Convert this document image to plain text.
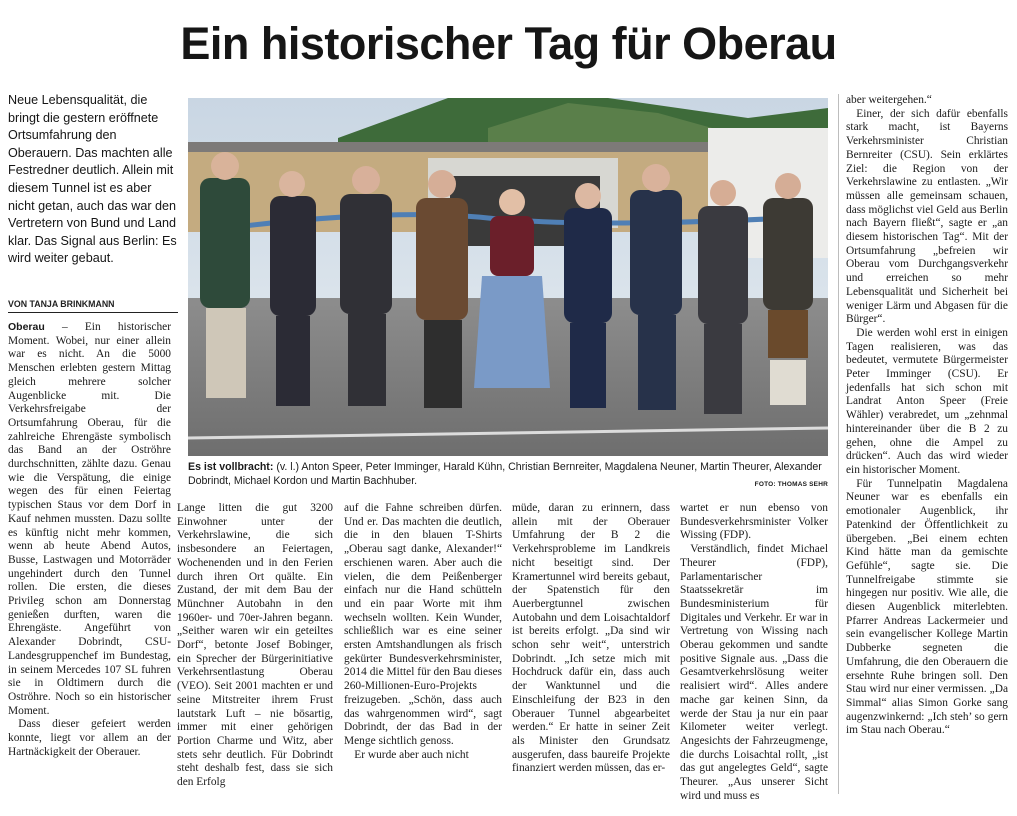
Ein historischer Tag für Oberau
Neue Lebensqualität, die bringt die gestern eröffnete Ortsumfahrung den Oberauern. Das machten alle Festredner deutlich. Allein mit diesem Tunnel ist es aber nicht getan, auch das war den Vertretern von Bund und Land klar. Das Signal aus Berlin: Es wird weiter gebaut.
VON TANJA BRINKMANN
Es ist vollbracht: (v. l.) Anton Speer, Peter Imminger, Harald Kühn, Christian Bernreiter, Magdalena Neuner, Martin Theurer, Alexander Dobrindt, Michael Kordon und Martin Bachhuber.	FOTO: THOMAS SEHR

Oberau – Ein historischer Moment. Wobei, nur einer allein war es nicht. An die 5000 Menschen erlebten gestern Mittag gleich mehrere solcher Augenblicke mit. Die Verkehrsfreigabe der Ortsumfahrung Oberau, für die zahlreiche Ehrengäste symbolisch das Band an der Oströhre durchschnitten, zählte dazu. Genau wie die Verspätung, die einige wegen des für einen Feiertag typischen Staus vor dem Dorf in Kauf nehmen mussten. Dazu sollte es künftig nicht mehr kommen, wenn ab heute Abend Autos, Busse, Lastwagen und Motorräder ungehindert durch den Tunnel rollen. Die ersten, die dieses Privileg schon am Donnerstag genießen durften, waren die Ehrengäste. Angeführt von Alexander Dobrindt, CSU-Landesgruppenchef im Bundestag, in seinem Mercedes 107 SL fuhren sie in Oldtimern durch die Oströhre. Noch so ein historischer Moment.

Dass dieser gefeiert werden konnte, liegt vor allem an der Hartnäckigkeit der Oberauer.

Lange litten die gut 3200 Einwohner unter der Verkehrslawine, die sich insbesondere an Feiertagen, Wochenenden und in den Ferien durch ihren Ort quälte. Ein Zustand, der mit dem Bau der Münchner Autobahn in den 1960er- und 70er-Jahren begann. „Seither waren wir ein geteiltes Dorf“, betonte Josef Bobinger, ein Sprecher der Bürgerinitiative Verkehrsentlastung Oberau (VEO). Seit 2001 machten er und seine Mitstreiter ihrem Frust lautstark Luft – nie bösartig, immer mit einer gehörigen Portion Charme und Witz, aber stets sehr deutlich. Für Dobrindt steht deshalb fest, dass sie sich den Erfolg

auf die Fahne schreiben dürfen. Und er. Das machten die deutlich, die in den blauen T-Shirts „Oberau sagt danke, Alexander!“ erschienen waren. Aber auch die vielen, die dem Peißenberger einfach nur die Hand schütteln und ein paar Worte mit ihm wechseln wollten. Kein Wunder, schließlich war es eine seiner ersten Amtshandlungen als frisch gekürter Bundesverkehrsminister, 2014 die Mittel für den Bau dieses 260-Millionen-Euro-Projekts freizugeben. „Schön, dass auch das wahrgenommen wird“, sagt Dobrindt, der das Bad in der Menge sichtlich genoss.

Er wurde aber auch nicht

müde, daran zu erinnern, dass allein mit der Oberauer Umfahrung der B 2 die Verkehrsprobleme im Landkreis nicht beseitigt sind. Der Kramertunnel wird bereits gebaut, der Spatenstich für den Auerbergtunnel zwischen Autobahn und dem Loisachtaldorf ist bereits erfolgt. „Da sind wir schon sehr weit“, unterstrich Dobrindt. „Ich setze mich mit Hochdruck dafür ein, dass auch der Wanktunnel und die Einschleifung der B23 in den Oberauer Tunnel abgearbeitet werden.“ Er hatte in seiner Zeit als Minister den Grundsatz ausgerufen, dass baureife Projekte finanziert werden müssen, das er-

wartet er nun ebenso von Bundesverkehrsminister Volker Wissing (FDP).

Verständlich, findet Michael Theurer (FDP), Parlamentarischer Staatssekretär im Bundesministerium für Digitales und Verkehr. Er war in Vertretung von Wissing nach Oberau gekommen und sandte positive Signale aus. „Dass die Gesamtverkehrslösung weiter realisiert wird“. Alles andere mache gar keinen Sinn, da werde der Stau ja nur ein paar Kilometer weiter verlegt. Angesichts der Fahrzeugmenge, die durchs Loisachtal rollt, „ist das gut angelegtes Geld“, sagte Theurer. „Aus unserer Sicht wird und muss es

aber weitergehen.“

Einer, der sich dafür ebenfalls stark macht, ist Bayerns Verkehrsminister Christian Bernreiter (CSU). Sein erklärtes Ziel: die Region von der Verkehrslawine zu entlasten. „Wir müssen alle gemeinsam schauen, dass möglichst viel Geld aus Berlin nach Bayern fließt“, sagte er „an diesem historischen Tag“. Mit der Ortsumfahrung „befreien wir Oberau vom Durchgangsverkehr und erreichen so mehr Lebensqualität und Sicherheit bei weniger Lärm und Abgasen für die Bürger“.

Die werden wohl erst in einigen Tagen realisieren, was das bedeutet, vermutete Bürgermeister Peter Imminger (CSU). Er jedenfalls hat sich schon mit Landrat Anton Speer (Freie Wähler) verabredet, um „zehnmal hintereinander über die B 2 zu gehen, ohne die Ampel zu drücken“. Auch das wird wieder ein historischer Moment.

Für Tunnelpatin Magdalena Neuner war es ebenfalls ein emotionaler Augenblick, ihr Patenkind der Öffentlichkeit zu übergeben. „Bei einem echten Kind hätte man da gemischte Gefühle“, sagte sie. Die Tunnelfreigabe stimmte sie hingegen nur positiv. Wie alle, die diesen Augenblick miterlebten. Pfarrer Andreas Lackermeier und sein evangelischer Kollege Martin Dubberke segneten die Umfahrung, die den Oberauern die ersehnte Ruhe bringen soll. Den Stau wird nur einer vermissen. „Da Simmal“ alias Simon Gorke sang augenzwinkernd: „Ich steh’ so gern im Stau nach Oberau.“
